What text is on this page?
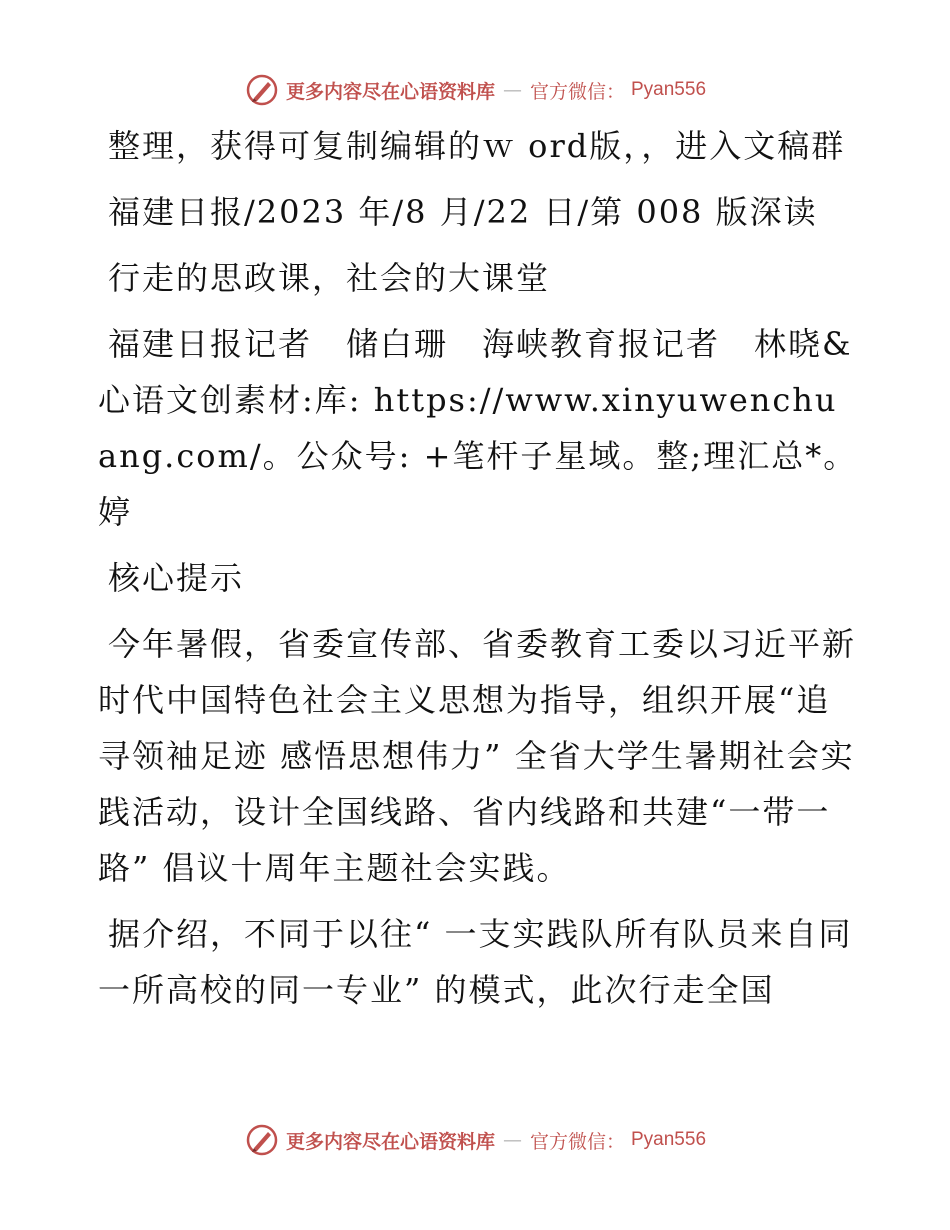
更多内容尽在心语资料库 — 官方微信： Pyan556

整理，获得可复制编辑的ｗ ord版，，进入文稿群

福建日报/2023 年/8 月/22 日/第 008 版深读

行走的思政课，社会的大课堂

福建日报记者　储白珊　海峡教育报记者　林晓&心语文创素材:库: https://www.xinyuwenchuang.com/。公众号: +笔杆子星域。整;理汇总*。婷

核心提示

今年暑假，省委宣传部、省委教育工委以习近平新时代中国特色社会主义思想为指导，组织开展“追寻领袖足迹 感悟思想伟力” 全省大学生暑期社会实践活动，设计全国线路、省内线路和共建“一带一路” 倡议十周年主题社会实践。

据介绍，不同于以往“ 一支实践队所有队员来自同一所高校的同一专业” 的模式，此次行走全国

更多内容尽在心语资料库 — 官方微信： Pyan556
